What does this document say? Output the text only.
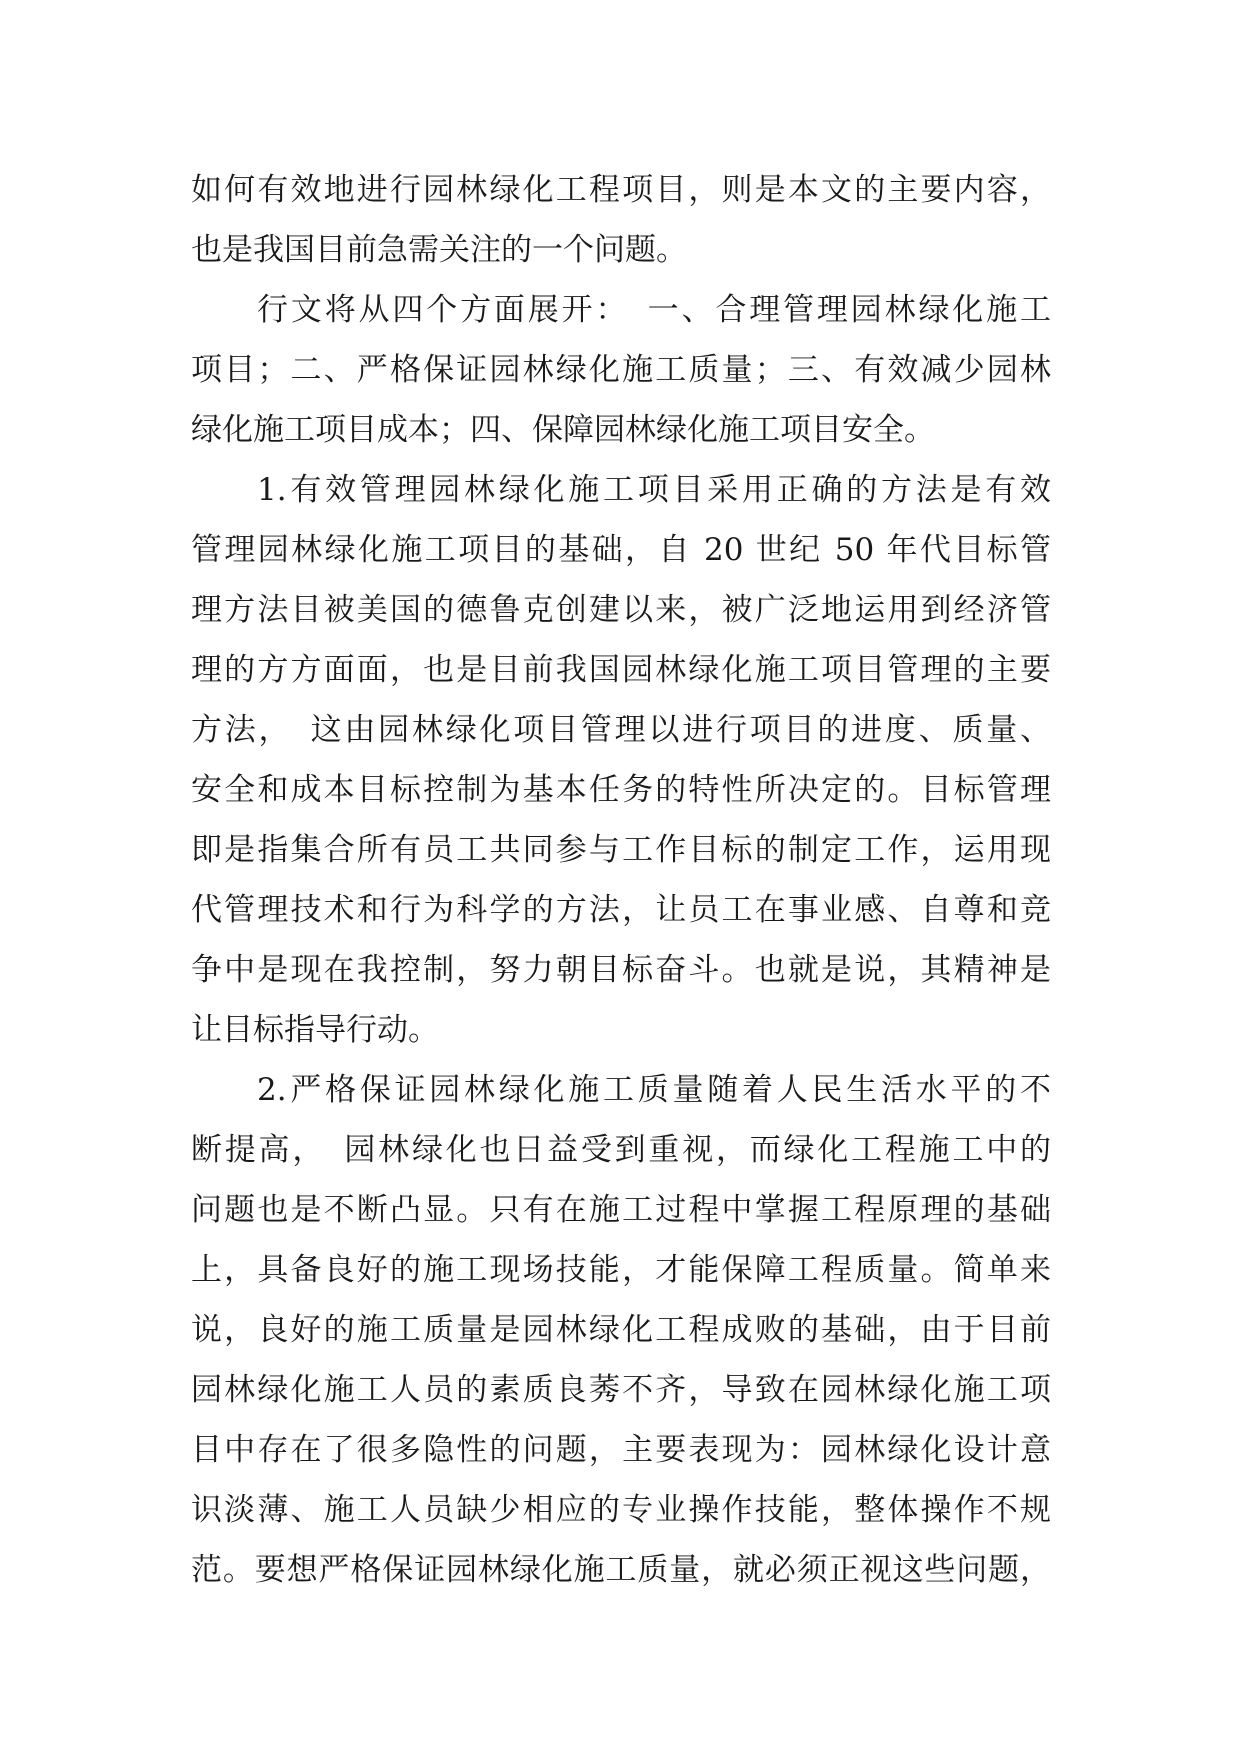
如何有效地进行园林绿化工程项目，则是本文的主要内容，
也是我国目前急需关注的一个问题。
行文将从四个方面展开：　一、合理管理园林绿化施工
项目；二、严格保证园林绿化施工质量；三、有效减少园林
绿化施工项目成本；四、保障园林绿化施工项目安全。
1.有效管理园林绿化施工项目采用正确的方法是有效
管理园林绿化施工项目的基础，自 20 世纪 50 年代目标管
理方法目被美国的德鲁克创建以来，被广泛地运用到经济管
理的方方面面，也是目前我国园林绿化施工项目管理的主要
方法，　这由园林绿化项目管理以进行项目的进度、质量、
安全和成本目标控制为基本任务的特性所决定的。目标管理
即是指集合所有员工共同参与工作目标的制定工作，运用现
代管理技术和行为科学的方法，让员工在事业感、自尊和竞
争中是现在我控制，努力朝目标奋斗。也就是说，其精神是
让目标指导行动。
2.严格保证园林绿化施工质量随着人民生活水平的不
断提高，　园林绿化也日益受到重视，而绿化工程施工中的
问题也是不断凸显。只有在施工过程中掌握工程原理的基础
上，具备良好的施工现场技能，才能保障工程质量。简单来
说，良好的施工质量是园林绿化工程成败的基础，由于目前
园林绿化施工人员的素质良莠不齐，导致在园林绿化施工项
目中存在了很多隐性的问题，主要表现为：园林绿化设计意
识淡薄、施工人员缺少相应的专业操作技能，整体操作不规
范。要想严格保证园林绿化施工质量，就必须正视这些问题，
